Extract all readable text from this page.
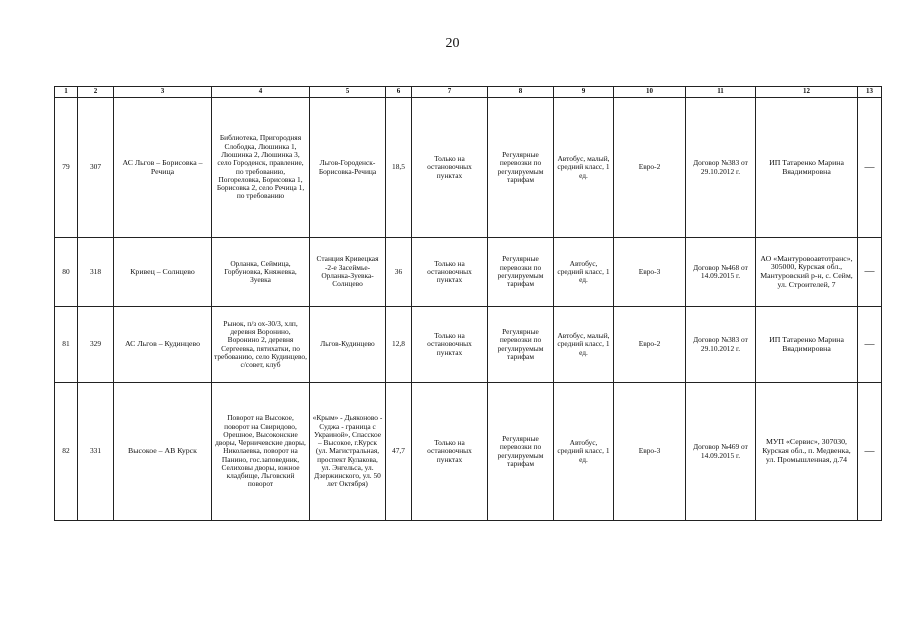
20
1	2	3	4	5	6	7	8	9	10	11	12	13
79	307	АС Льгов – Борисовка – Речица	Библиотека, Пригородняя Слободка, Люшинка 1, Люшинка 2, Люшинка 3, село Городенск, правление, по требованию, Погореловка, Борисовка 1, Борисовка 2, село Речица 1, по требованию	Льгов-Городенск-Борисовка-Речица	18,5	Только на остановочных пунктах	Регулярные перевозки по регулируемым тарифам	Автобус, малый, средний класс, 1 ед.	Евро-2	Договор №383 от 29.10.2012 г.	ИП Татаренко Марина Вяадимировна	—
80	318	Кривец – Солнцево	Орланка, Сеймица, Горбуновка, Княжевка, Зуевка	Станция Кривецкая -2-е Засеймье-Орланка-Зуевка-Солнцево	36	Только на остановочных пунктах	Регулярные перевозки по регулируемым тарифам	Автобус, средний класс, 1 ед.	Евро-3	Договор №468 от 14.09.2015 г.	АО «Мантуровоавтотранс», 305000, Курская обл., Мантуровский р-н, с. Сейм, ул. Строителей, 7	—
81	329	АС Льгов – Кудинцево	Рынок, п/з ох-30/3, хлп, деревня Воронино, Воронино 2, деревня Сергеевка, пятихатки, по требованию, село Кудинцево, с/совет, клуб	Льгов-Кудинцево	12,8	Только на остановочных пунктах	Регулярные перевозки по регулируемым тарифам	Автобус, малый, средний класс, 1 ед.	Евро-2	Договор №383 от 29.10.2012 г.	ИП Татаренко Марина Вяадимировна	—
82	331	Высокое – АВ Курск	Поворот на Высокое, поворот на Свиридово, Орешное, Высоконские дворы, Черничевские дворы, Николаевка, поворот на Панино, гос.заповедник, Селиховы дворы, южное кладбище, Льговский поворот	«Крым» - Дьяконово - Суджа - граница с Украиной», Спасское – Высокое, г.Курск (ул. Магистральная, проспект Кулакова, ул. Энгельса, ул. Дзержинского, ул. 50 лет Октября)	47,7	Только на остановочных пунктах	Регулярные перевозки по регулируемым тарифам	Автобус, средний класс, 1 ед.	Евро-3	Договор №469 от 14.09.2015 г.	МУП «Сервис», 307030, Курская обл., п. Медвенка, ул. Промышленная, д.74	—
